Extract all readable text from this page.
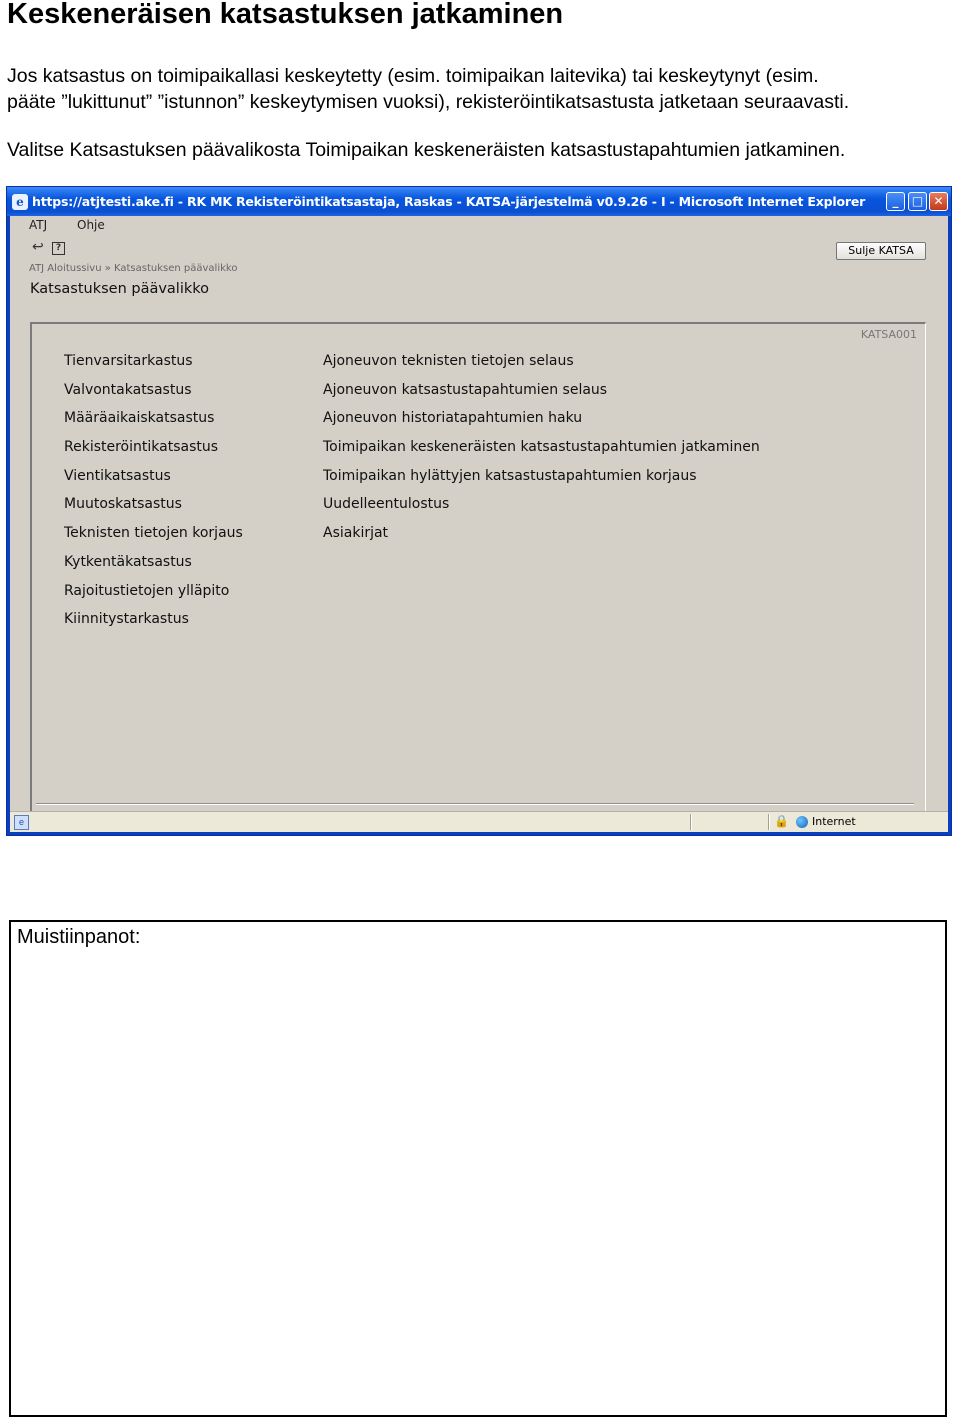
Keskeneräisen katsastuksen jatkaminen
Jos katsastus on toimipaikallasi keskeytetty (esim. toimipaikan laitevika) tai keskeytynyt (esim.
pääte ”lukittunut” ”istunnon” keskeytymisen vuoksi), rekisteröintikatsastusta jatketaan seuraavasti.
Valitse Katsastuksen päävalikosta Toimipaikan keskeneräisten katsastustapahtumien jatkaminen.
e https://atjtesti.ake.fi - RK MK Rekisteröintikatsastaja, Raskas - KATSA-järjestelmä v0.9.26 - I - Microsoft Internet Explorer	_	□ ✕
ATJ Ohje
↩	?	Sulje KATSA
ATJ Aloitussivu » Katsastuksen päävalikko
Katsastuksen päävalikko
KATSA001
Tienvarsitarkastus
Valvontakatsastus
Määräaikaiskatsastus
Rekisteröintikatsastus
Vientikatsastus
Muutoskatsastus
Teknisten tietojen korjaus
Kytkentäkatsastus
Rajoitustietojen ylläpito
Kiinnitystarkastus
Ajoneuvon teknisten tietojen selaus
Ajoneuvon katsastustapahtumien selaus
Ajoneuvon historiatapahtumien haku
Toimipaikan keskeneräisten katsastustapahtumien jatkaminen
Toimipaikan hylättyjen katsastustapahtumien korjaus
Uudelleentulostus
Asiakirjat
e	🔒 Internet
Muistiinpanot:
